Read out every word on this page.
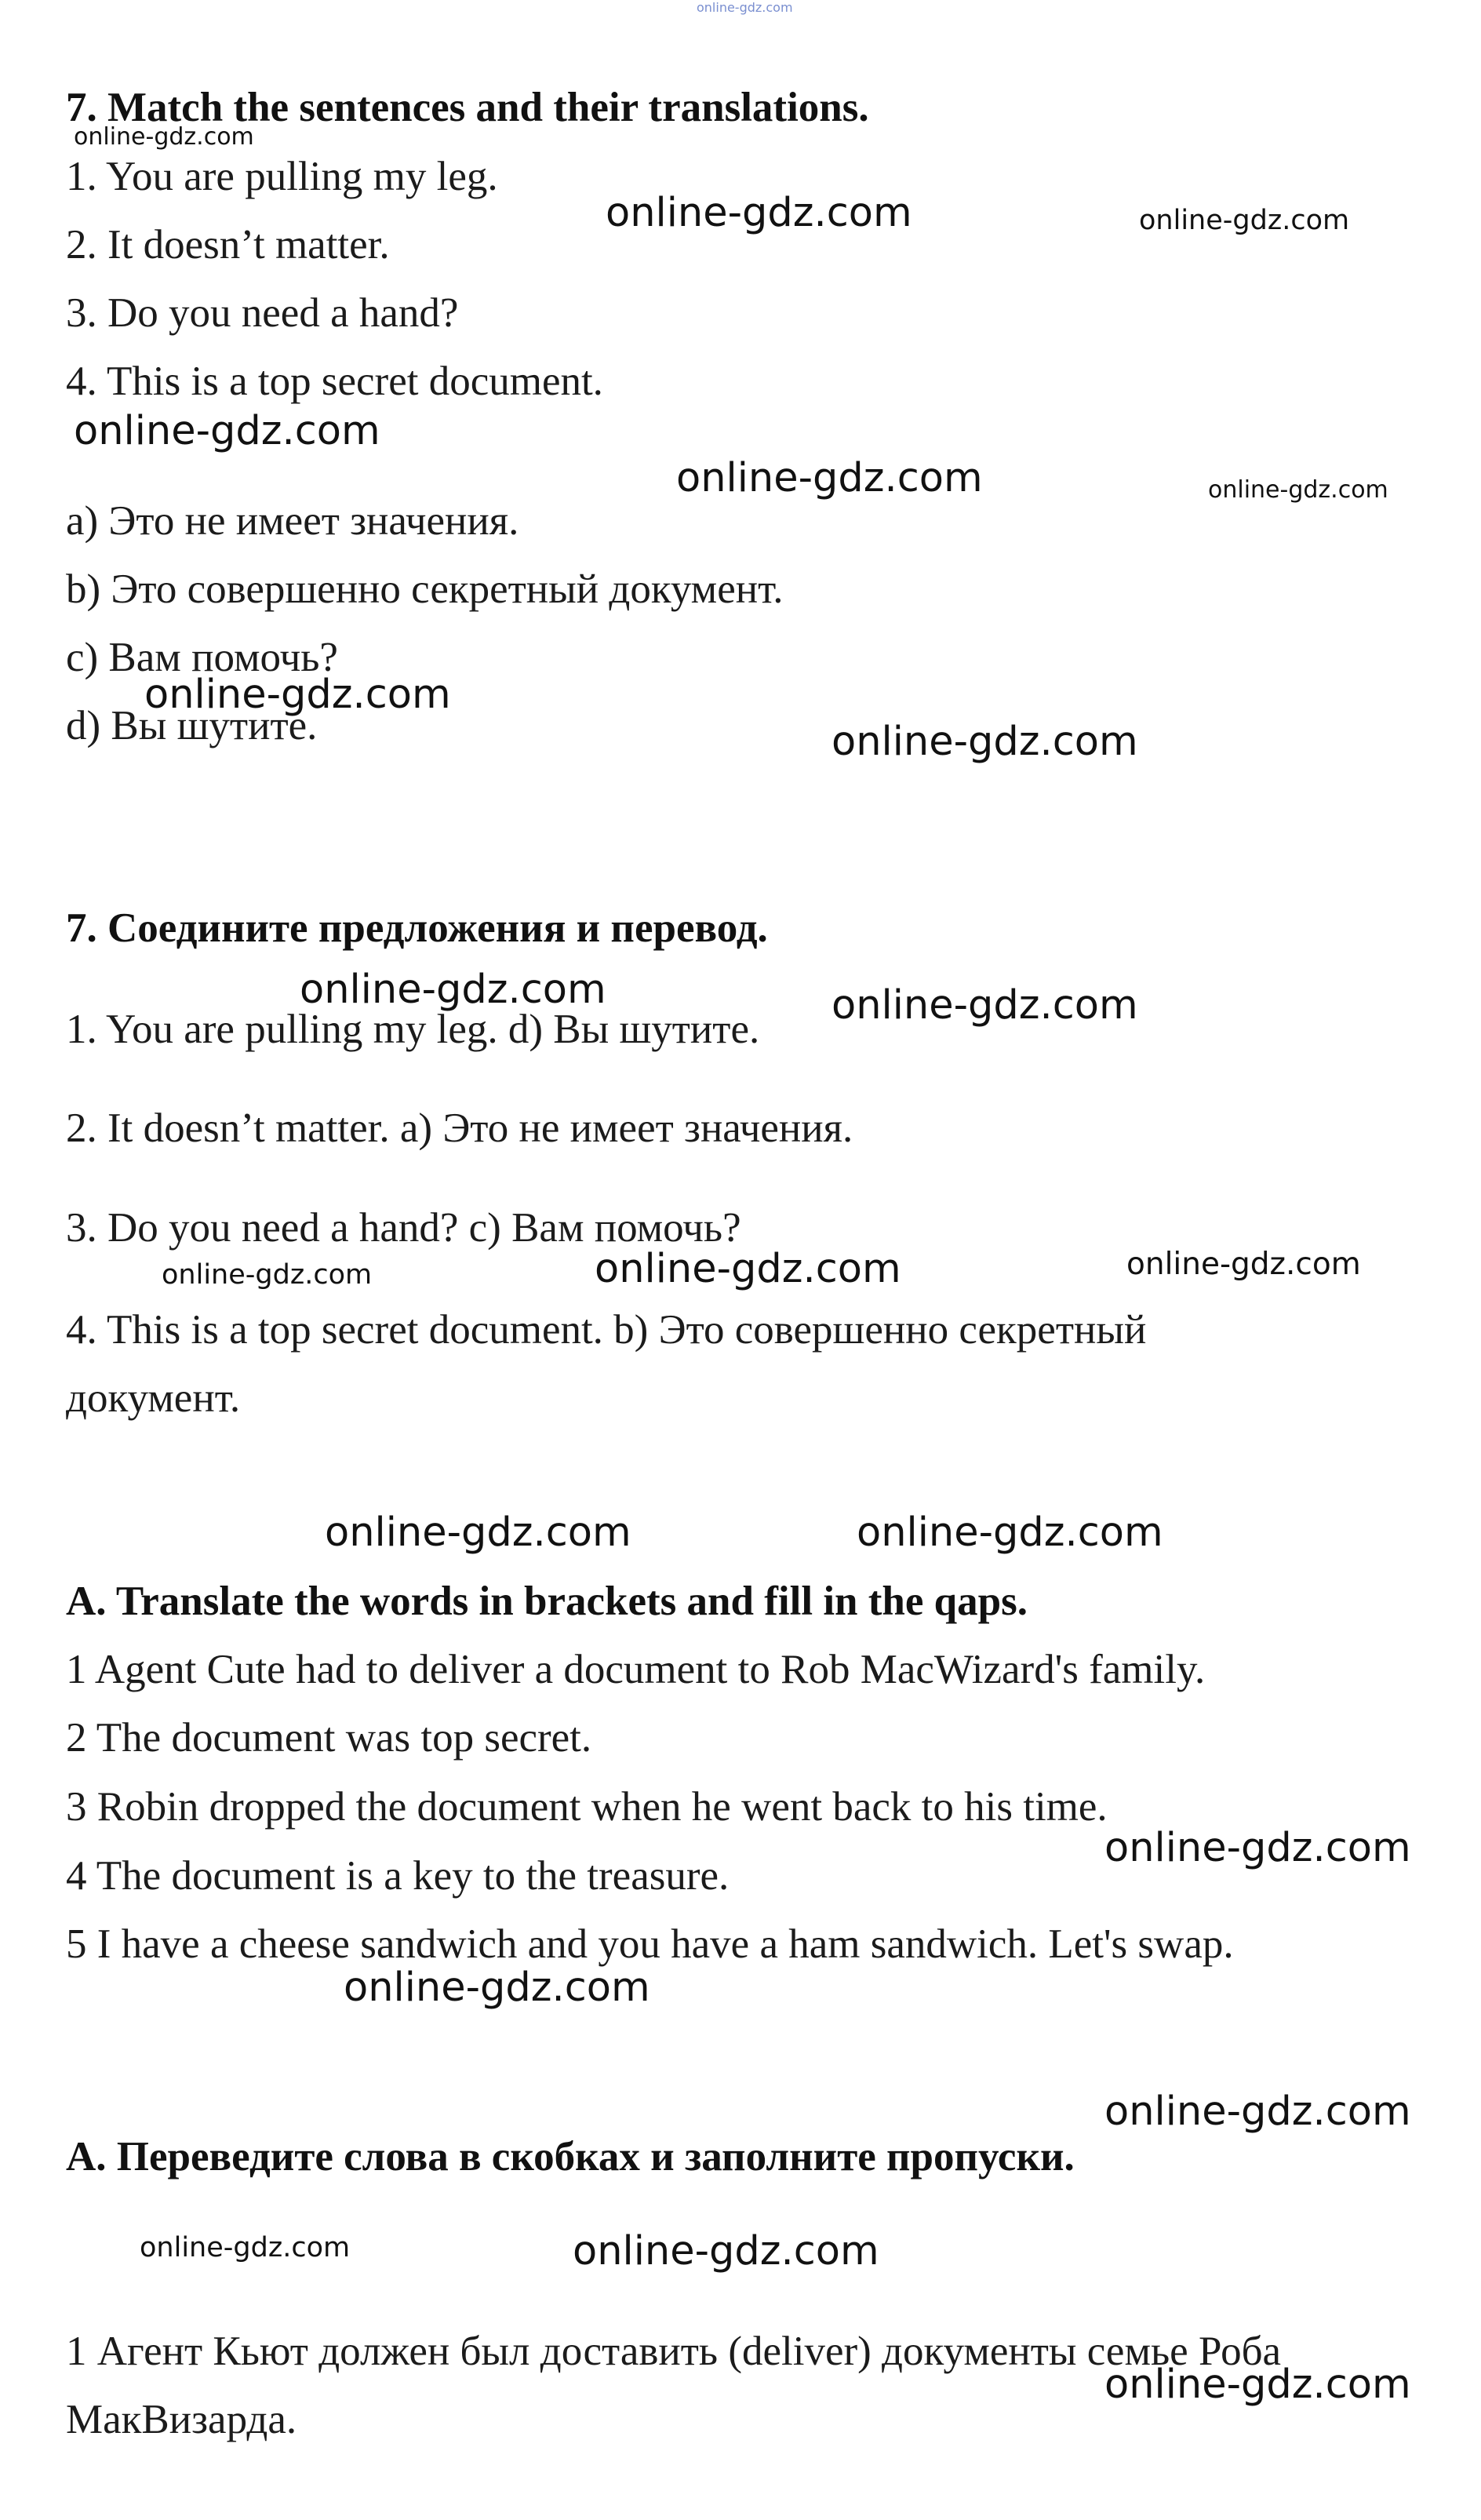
online-gdz.com
7. Match the sentences and their translations.
1. You are pulling my leg.
2. It doesn’t matter.
3. Do you need a hand?
4. This is a top secret document.
a) Это не имеет значения.
b) Это совершенно секретный документ.
c) Вам помочь?
d) Вы шутите.
7. Соедините предложения и перевод.
1. You are pulling my leg. d) Вы шутите.
2. It doesn’t matter. a) Это не имеет значения.
3. Do you need a hand? c) Вам помочь?
4. This is a top secret document. b) Это совершенно секретный
документ.
A. Translate the words in brackets and fill in the qaps.
1 Agent Cute had to deliver a document to Rob MacWizard's family.
2 The document was top secret.
3 Robin dropped the document when he went back to his time.
4 The document is a key to the treasure.
5 I have a cheese sandwich and you have a ham sandwich. Let's swap.
A. Переведите слова в скобках и заполните пропуски.
1 Агент Кьют должен был доставить (deliver) документы семье Роба
МакВизарда.
online-gdz.com
online-gdz.com	online-gdz.com
online-gdz.com
online-gdz.com	online-gdz.com
online-gdz.com
online-gdz.com
online-gdz.com	online-gdz.com
online-gdz.com	online-gdz.com	online-gdz.com
online-gdz.com	online-gdz.com
online-gdz.com
online-gdz.com
online-gdz.com
online-gdz.com	online-gdz.com
online-gdz.com
